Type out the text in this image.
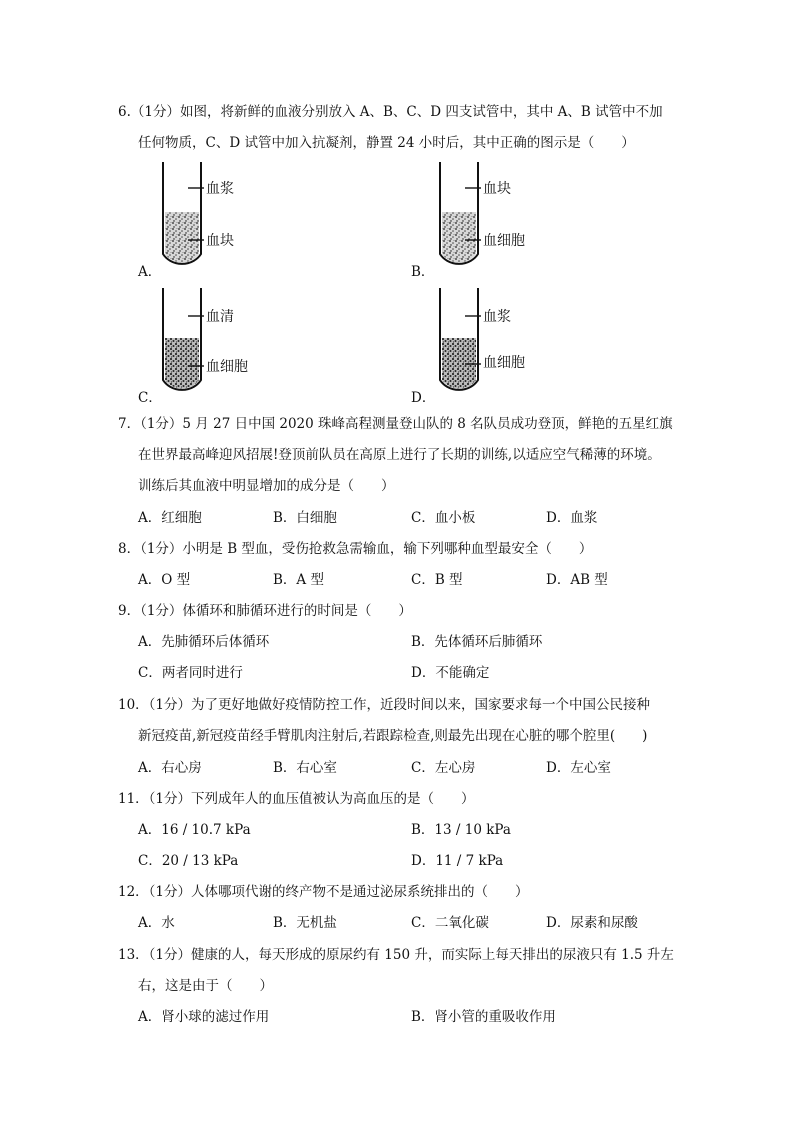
6.（1分）如图，将新鲜的血液分别放入 A、B、C、D 四支试管中，其中 A、B 试管中不加
任何物质，C、D 试管中加入抗凝剂，静置 24 小时后，其中正确的图示是（　　）
A．
血浆
血块
B．
血块
血细胞
C．
血清
血细胞
D．
血浆
血细胞
7．（1分）5 月 27 日中国 2020 珠峰高程测量登山队的 8 名队员成功登顶，鲜艳的五星红旗
在世界最高峰迎风招展!登顶前队员在高原上进行了长期的训练,以适应空气稀薄的环境。
训练后其血液中明显增加的成分是（　　）
A．红细胞	B．白细胞	C．血小板	D．血浆
8．（1分）小明是 B 型血，受伤抢救急需输血，输下列哪种血型最安全（　　）
A．O 型	B．A 型	C．B 型	D．AB 型
9．（1分）体循环和肺循环进行的时间是（　　）
A．先肺循环后体循环	B．先体循环后肺循环
C．两者同时进行	D．不能确定
10．（1分）为了更好地做好疫情防控工作，近段时间以来，国家要求每一个中国公民接种
新冠疫苗,新冠疫苗经手臂肌肉注射后,若跟踪检查,则最先出现在心脏的哪个腔里(　　)
A．右心房	B．右心室	C．左心房	D．左心室
11．（1分）下列成年人的血压值被认为高血压的是（　　）
A．16 / 10.7 kPa	B．13 / 10 kPa
C．20 / 13 kPa	D．11 / 7 kPa
12．（1分）人体哪项代谢的终产物不是通过泌尿系统排出的（　　）
A．水	B．无机盐	C．二氧化碳	D．尿素和尿酸
13．（1分）健康的人，每天形成的原尿约有 150 升，而实际上每天排出的尿液只有 1.5 升左
右，这是由于（　　）
A．肾小球的滤过作用	B．肾小管的重吸收作用
